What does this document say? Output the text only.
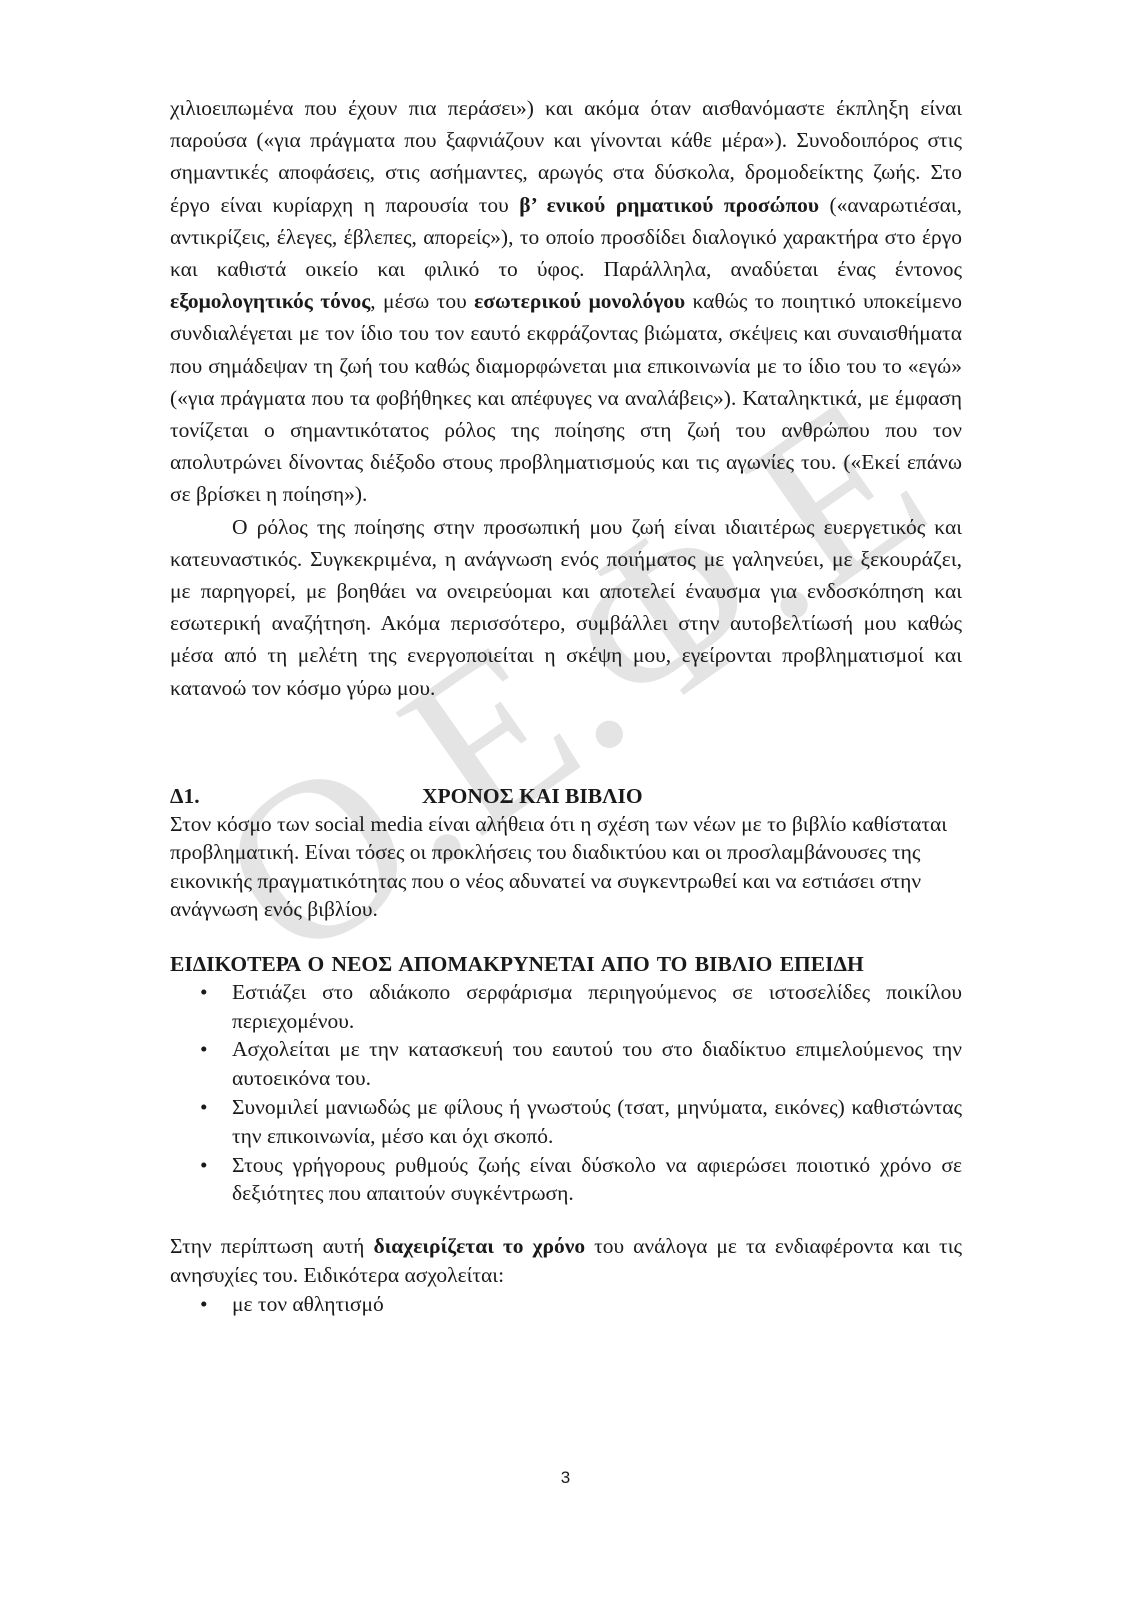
O.E.Φ.E.

χιλιοειπωμένα που έχουν πια περάσει») και ακόμα όταν αισθανόμαστε έκπληξη είναι παρούσα («για πράγματα που ξαφνιάζουν και γίνονται κάθε μέρα»). Συνοδοιπόρος στις σημαντικές αποφάσεις, στις ασήμαντες, αρωγός στα δύσκολα, δρομοδείκτης ζωής. Στο έργο είναι κυρίαρχη η παρουσία του β’ ενικού ρηματικού προσώπου («αναρωτιέσαι, αντικρίζεις, έλεγες, έβλεπες, απορείς»), το οποίο προσδίδει διαλογικό χαρακτήρα στο έργο και καθιστά οικείο και φιλικό το ύφος. Παράλληλα, αναδύεται ένας έντονος εξομολογητικός τόνος, μέσω του εσωτερικού μονολόγου καθώς το ποιητικό υποκείμενο συνδιαλέγεται με τον ίδιο του τον εαυτό εκφράζοντας βιώματα, σκέψεις και συναισθήματα που σημάδεψαν τη ζωή του καθώς διαμορφώνεται μια επικοινωνία με το ίδιο του το «εγώ» («για πράγματα που τα φοβήθηκες και απέφυγες να αναλάβεις»). Καταληκτικά, με έμφαση τονίζεται ο σημαντικότατος ρόλος της ποίησης στη ζωή του ανθρώπου που τον απολυτρώνει δίνοντας διέξοδο στους προβληματισμούς και τις αγωνίες του. («Εκεί επάνω σε βρίσκει η ποίηση»).

Ο ρόλος της ποίησης στην προσωπική μου ζωή είναι ιδιαιτέρως ευεργετικός και κατευναστικός. Συγκεκριμένα, η ανάγνωση ενός ποιήματος με γαληνεύει, με ξεκουράζει, με παρηγορεί, με βοηθάει να ονειρεύομαι και αποτελεί έναυσμα για ενδοσκόπηση και εσωτερική αναζήτηση. Ακόμα περισσότερο, συμβάλλει στην αυτοβελτίωσή μου καθώς μέσα από τη μελέτη της ενεργοποιείται η σκέψη μου, εγείρονται προβληματισμοί και κατανοώ τον κόσμο γύρω μου.

Δ1.	ΧΡΟΝΟΣ ΚΑΙ ΒΙΒΛΙΟ

Στον κόσμο των social media είναι αλήθεια ότι η σχέση των νέων με το βιβλίο καθίσταται προβληματική. Είναι τόσες οι προκλήσεις του διαδικτύου και οι προσλαμβάνουσες της εικονικής πραγματικότητας που ο νέος αδυνατεί να συγκεντρωθεί και να εστιάσει στην ανάγνωση ενός βιβλίου.

ΕΙΔΙΚΟΤΕΡΑ Ο ΝΕΟΣ ΑΠΟΜΑΚΡΥΝΕΤΑΙ ΑΠΟ ΤΟ ΒΙΒΛΙΟ ΕΠΕΙΔΗ

• Εστιάζει στο αδιάκοπο σερφάρισμα περιηγούμενος σε ιστοσελίδες ποικίλου περιεχομένου.
• Ασχολείται με την κατασκευή του εαυτού του στο διαδίκτυο επιμελούμενος την αυτοεικόνα του.
• Συνομιλεί μανιωδώς με φίλους ή γνωστούς (τσατ, μηνύματα, εικόνες) καθιστώντας την επικοινωνία, μέσο και όχι σκοπό.
• Στους γρήγορους ρυθμούς ζωής είναι δύσκολο να αφιερώσει ποιοτικό χρόνο σε δεξιότητες που απαιτούν συγκέντρωση.

Στην περίπτωση αυτή διαχειρίζεται το χρόνο του ανάλογα με τα ενδιαφέροντα και τις ανησυχίες του. Ειδικότερα ασχολείται:

• με τον αθλητισμό
3
